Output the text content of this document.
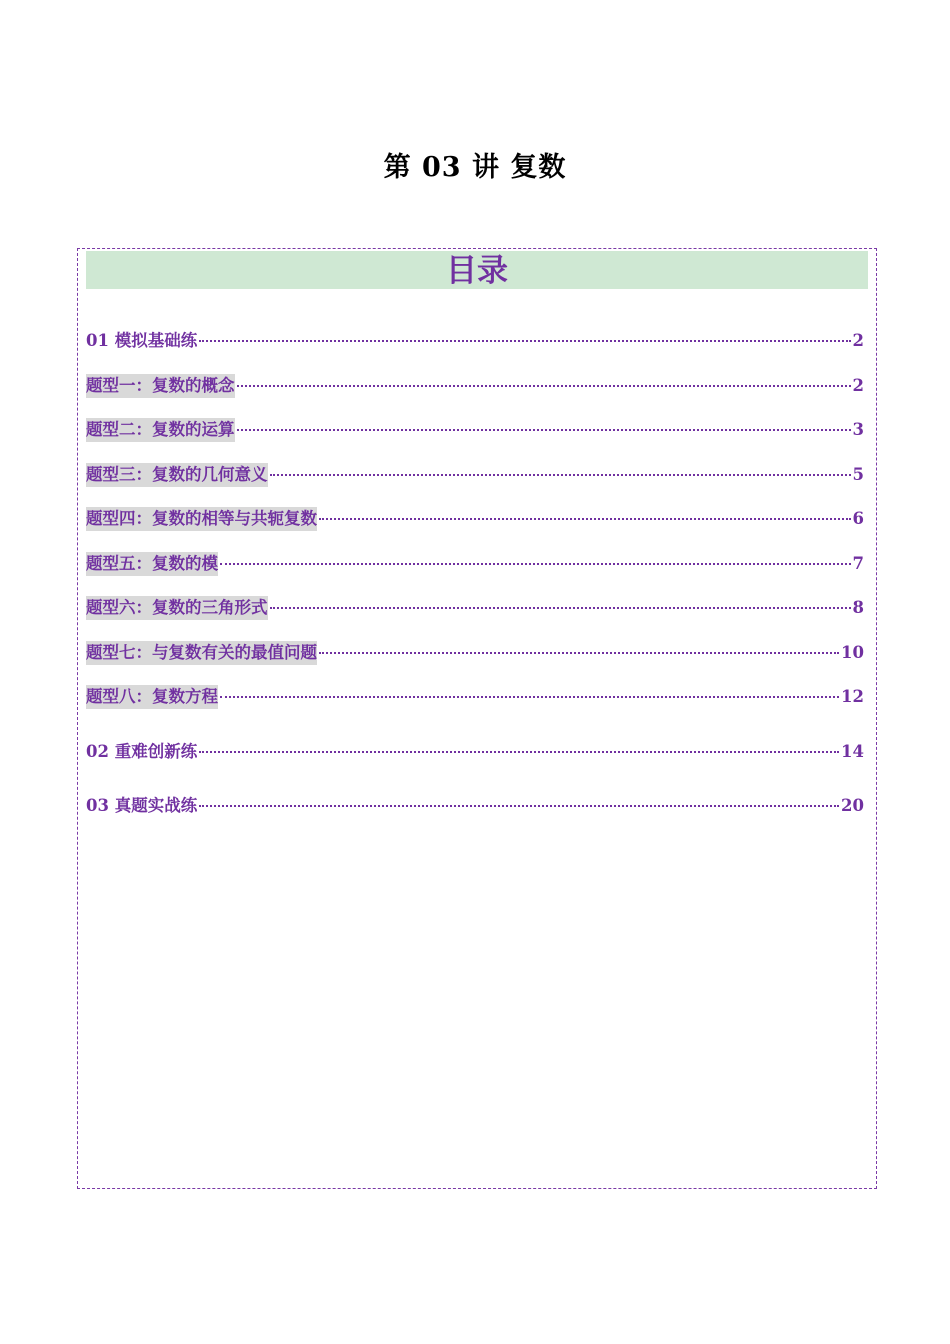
第 03 讲 复数
目录
01 模拟基础练	2
题型一：复数的概念	2
题型二：复数的运算	3
题型三：复数的几何意义	5
题型四：复数的相等与共轭复数	6
题型五：复数的模	7
题型六：复数的三角形式	8
题型七：与复数有关的最值问题	10
题型八：复数方程	12
02 重难创新练	14
03 真题实战练	20
